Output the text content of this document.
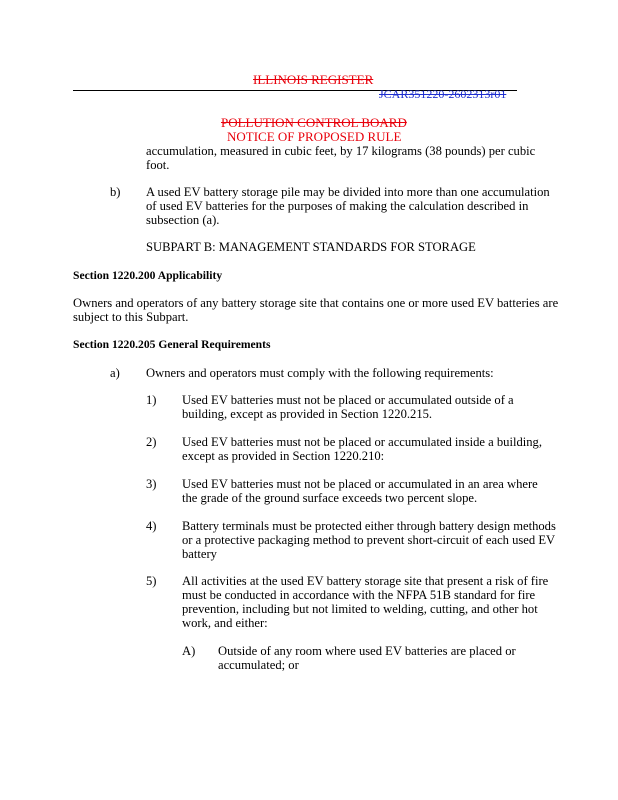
ILLINOIS REGISTER
JCAR351220-2602313r01
POLLUTION CONTROL BOARD
NOTICE OF PROPOSED RULE
accumulation, measured in cubic feet, by 17 kilograms (38 pounds) per cubic
foot.
b) A used EV battery storage pile may be divided into more than one accumulation
of used EV batteries for the purposes of making the calculation described in
subsection (a).
SUBPART B: MANAGEMENT STANDARDS FOR STORAGE
Section 1220.200 Applicability
Owners and operators of any battery storage site that contains one or more used EV batteries are
subject to this Subpart.
Section 1220.205 General Requirements
a) Owners and operators must comply with the following requirements:
1) Used EV batteries must not be placed or accumulated outside of a
building, except as provided in Section 1220.215.
2) Used EV batteries must not be placed or accumulated inside a building,
except as provided in Section 1220.210:
3) Used EV batteries must not be placed or accumulated in an area where
the grade of the ground surface exceeds two percent slope.
4) Battery terminals must be protected either through battery design methods
or a protective packaging method to prevent short-circuit of each used EV
battery
5) All activities at the used EV battery storage site that present a risk of fire
must be conducted in accordance with the NFPA 51B standard for fire
prevention, including but not limited to welding, cutting, and other hot
work, and either:
A) Outside of any room where used EV batteries are placed or
accumulated; or
